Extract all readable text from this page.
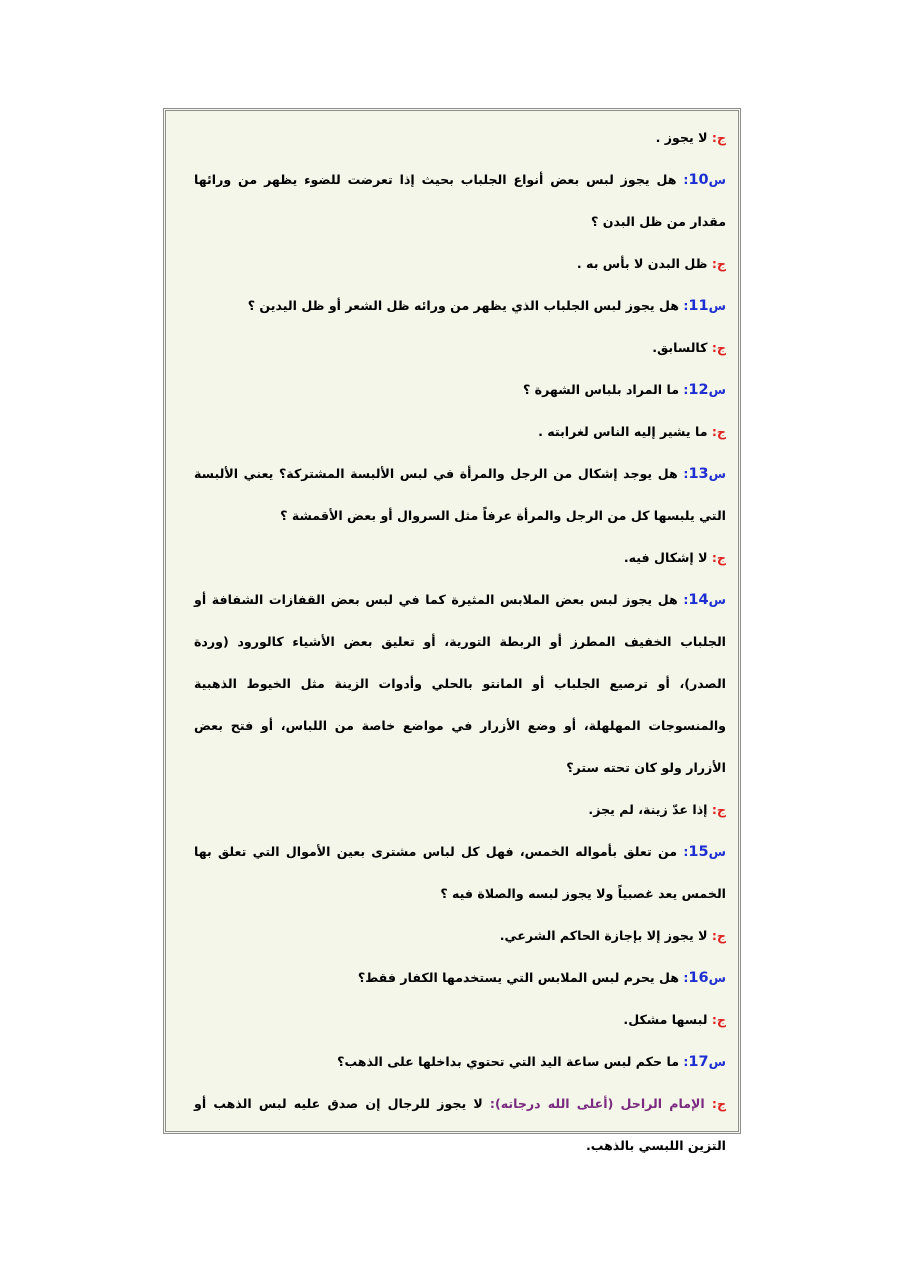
ج: لا يجوز .

س10: هل يجوز لبس بعض أنواع الجلباب بحيث إذا تعرضت للضوء يظهر من ورائها مقدار من ظل البدن ؟

ج: ظل البدن لا بأس به .

س11: هل يجوز لبس الجلباب الذي يظهر من ورائه ظل الشعر أو ظل اليدين ؟

ج: كالسابق.

س12: ما المراد بلباس الشهرة ؟

ج: ما يشير إليه الناس لغرابته .

س13: هل يوجد إشكال من الرجل والمرأة في لبس الألبسة المشتركة؟ يعني الألبسة التي يلبسها كل من الرجل والمرأة عرفاً مثل السروال أو بعض الأقمشة ؟

ج: لا إشكال فيه.

س14: هل يجوز لبس بعض الملابس المثيرة كما في لبس بعض القفازات الشفافة أو الجلباب الخفيف المطرز أو الربطة التورية، أو تعليق بعض الأشياء كالورود (وردة الصدر)، أو ترصيع الجلباب أو المانتو بالحلي وأدوات الزينة مثل الخيوط الذهبية والمنسوجات المهلهلة، أو وضع الأزرار في مواضع خاصة من اللباس، أو فتح بعض الأزرار ولو كان تحته ستر؟

ج: إذا عدّ زينة، لم يجز.

س15: من تعلق بأمواله الخمس، فهل كل لباس مشترى بعين الأموال التي تعلق بها الخمس يعد غصبياً ولا يجوز لبسه والصلاة فيه ؟

ج: لا يجوز إلا بإجازة الحاكم الشرعي.

س16: هل يحرم لبس الملابس التي يستخدمها الكفار فقط؟

ج: لبسها مشكل.

س17: ما حكم لبس ساعة اليد التي تحتوي بداخلها على الذهب؟

ج: الإمام الراحل (أعلى الله درجاته): لا يجوز للرجال إن صدق عليه لبس الذهب أو التزين اللبسي بالذهب.
